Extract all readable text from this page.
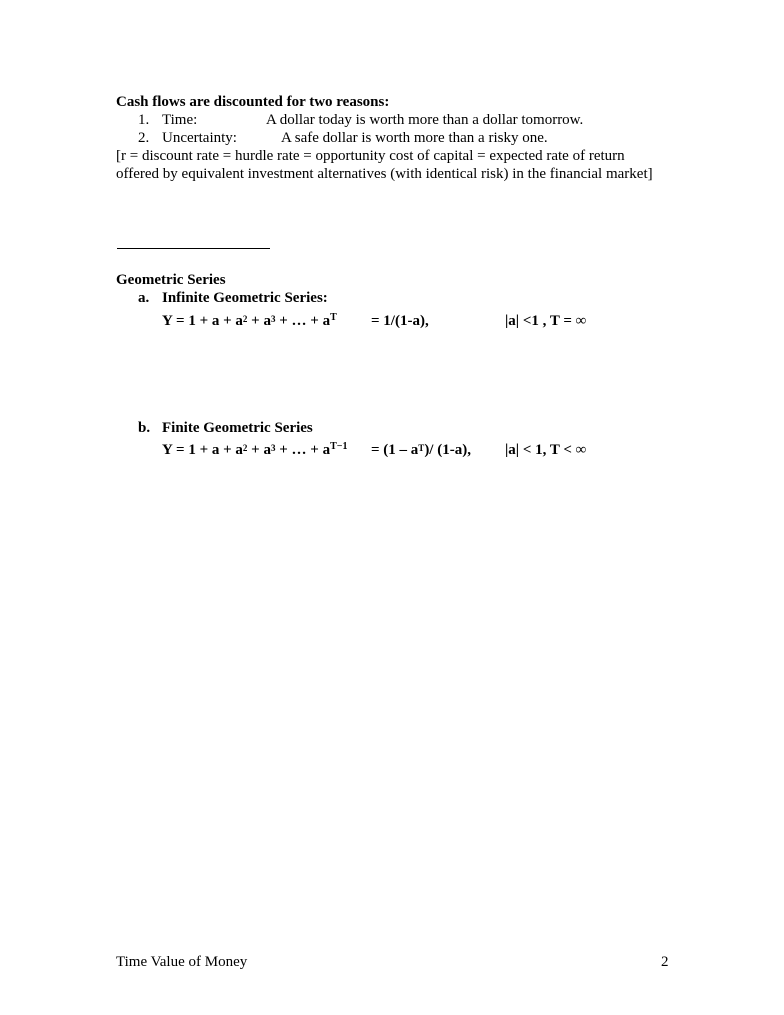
Cash flows are discounted for two reasons:
1. Time:	A dollar today is worth more than a dollar tomorrow.
2. Uncertainty:	A safe dollar is worth more than a risky one.
[r = discount rate = hurdle rate = opportunity cost of capital = expected rate of return
offered by equivalent investment alternatives (with identical risk) in the financial market]
Geometric Series
a. Infinite Geometric Series:
$Y = 1 + a + a^2 + a^3$ + … + $a^T = 1/(1-a)$,	|a| <1 , T = ∞
b. Finite Geometric Series
$Y = 1 + a + a^2 + a^3$ + … + $a^{T-1} = (1 - a^T)/$ (1-a), |a| < 1, T < ∞
Time Value of Money	2
